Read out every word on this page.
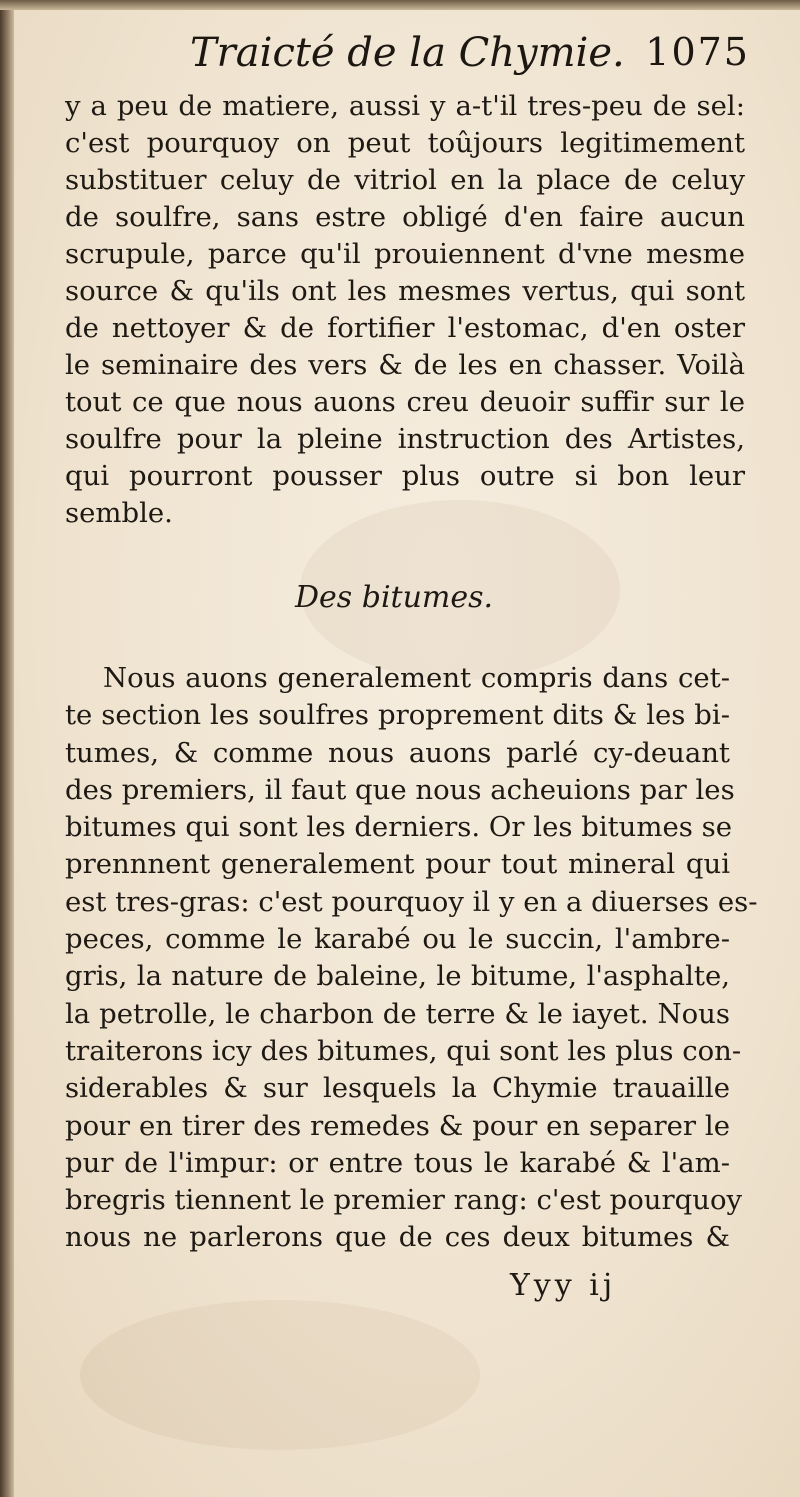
Traicté de la Chymie. 1075
y a peu de matiere, aussi y a-t'il tres-peu de sel:
c'est pourquoy on peut toûjours legitimement
substituer celuy de vitriol en la place de celuy
de soulfre, sans estre obligé d'en faire aucun
scrupule, parce qu'il prouiennent d'vne mesme
source & qu'ils ont les mesmes vertus, qui sont
de nettoyer & de fortifier l'estomac, d'en oster
le seminaire des vers & de les en chasser. Voilà
tout ce que nous auons creu deuoir suffir sur le
soulfre pour la pleine instruction des Artistes,
qui pourront pousser plus outre si bon leur
semble.
Des bitumes.
Nous auons generalement compris dans cet-
te section les soulfres proprement dits & les bi-
tumes, & comme nous auons parlé cy-deuant
des premiers, il faut que nous acheuions par les
bitumes qui sont les derniers. Or les bitumes se
prennnent generalement pour tout mineral qui
est tres-gras: c'est pourquoy il y en a diuerses es-
peces, comme le karabé ou le succin, l'ambre-
gris, la nature de baleine, le bitume, l'asphalte,
la petrolle, le charbon de terre & le iayet. Nous
traiterons icy des bitumes, qui sont les plus con-
siderables & sur lesquels la Chymie trauaille
pour en tirer des remedes & pour en separer le
pur de l'impur: or entre tous le karabé & l'am-
bregris tiennent le premier rang: c'est pourquoy
nous ne parlerons que de ces deux bitumes &
Yyy ij
